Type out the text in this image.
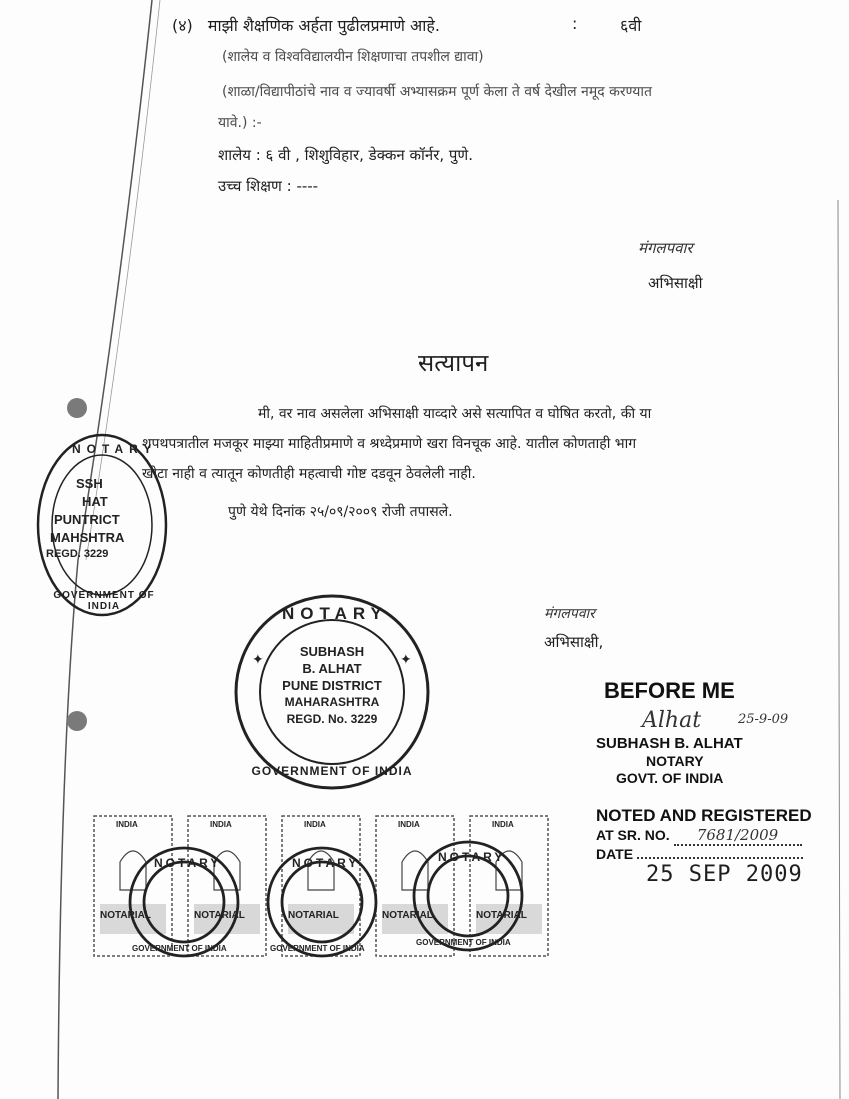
(४) माझी शैक्षणिक अर्हता पुढीलप्रमाणे आहे.	:	६वी
(शालेय व विश्वविद्यालयीन शिक्षणाचा तपशील द्यावा)
(शाळा/विद्यापीठांचे नाव व ज्यावर्षी अभ्यासक्रम पूर्ण केला ते वर्ष देखील नमूद करण्यात
यावे.) :-
शालेय : ६ वी , शिशुविहार, डेक्कन कॉर्नर, पुणे.
उच्च शिक्षण : ----
मंगलपवार
अभिसाक्षी
सत्यापन
मी, वर नाव असलेला अभिसाक्षी याव्दारे असे सत्यापित व घोषित करतो, की या
शपथपत्रातील मजकूर माझ्या माहितीप्रमाणे व श्रध्देप्रमाणे खरा विनचूक आहे. यातील कोणताही भाग
खोटा नाही व त्यातून कोणतीही महत्वाची गोष्ट दडवून ठेवलेली नाही.
पुणे येथे दिनांक २५/०९/२००९ रोजी तपासले.
मंगलपवार
अभिसाक्षी,
NOTARY
SSH
HAT
PUNTRICT
MAHSHTRA
REGD. 3229
GOVERNMENT OF INDIA
✦	✦
NOTARY
SUBHASH
B. ALHAT
PUNE DISTRICT
MAHARASHTRA
REGD. No. 3229
GOVERNMENT OF INDIA
BEFORE ME
Alhat	25-9-09
SUBHASH B. ALHAT
NOTARY
GOVT. OF INDIA
NOTED AND REGISTERED
AT SR. NO. 7681/2009
DATE
25 SEP 2009
INDIA	INDIA	INDIA	INDIA	INDIA
NOTARY
NOTARIAL	NOTARIAL
GOVERNMENT OF INDIA
NOTARY
NOTARIAL
GOVERNMENT OF INDIA
NOTARY
NOTARIAL	NOTARIAL
GOVERNMENT OF INDIA
